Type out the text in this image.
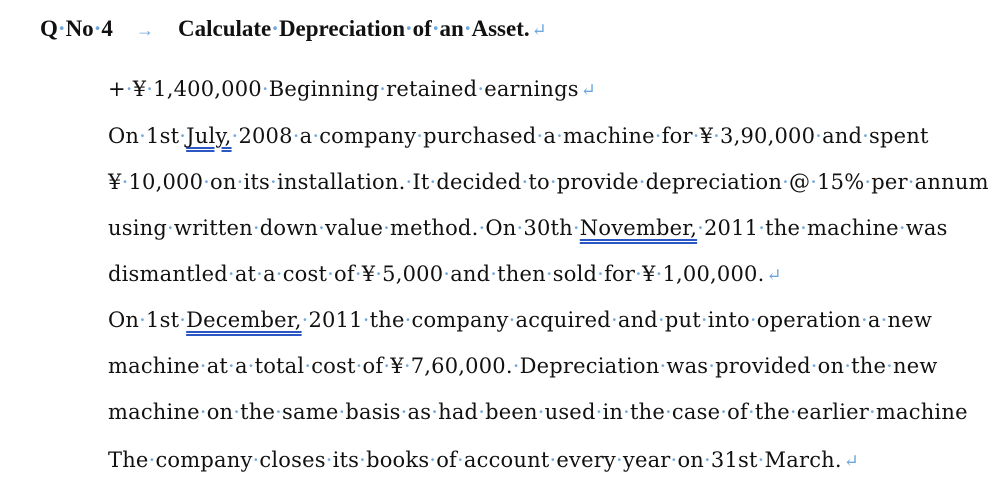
Q·No·4 → Calculate·Depreciation·of·an·Asset. ↵
+·¥·1,400,000·Beginning·retained·earnings ↵
On·1st·July,·2008·a·company·purchased·a·machine·for·¥·3,90,000·and·spent
¥·10,000·on·its·installation.·It·decided·to·provide·depreciation·@·15%·per·annum
using·written·down·value·method.·On·30th·November,·2011·the·machine·was
dismantled·at·a·cost·of·¥·5,000·and·then·sold·for·¥·1,00,000. ↵
On·1st·December,·2011·the·company·acquired·and·put·into·operation·a·new
machine·at·a·total·cost·of·¥·7,60,000.·Depreciation·was·provided·on·the·new
machine·on·the·same·basis·as·had·been·used·in·the·case·of·the·earlier·machine
The·company·closes·its·books·of·account·every·year·on·31st·March. ↵
